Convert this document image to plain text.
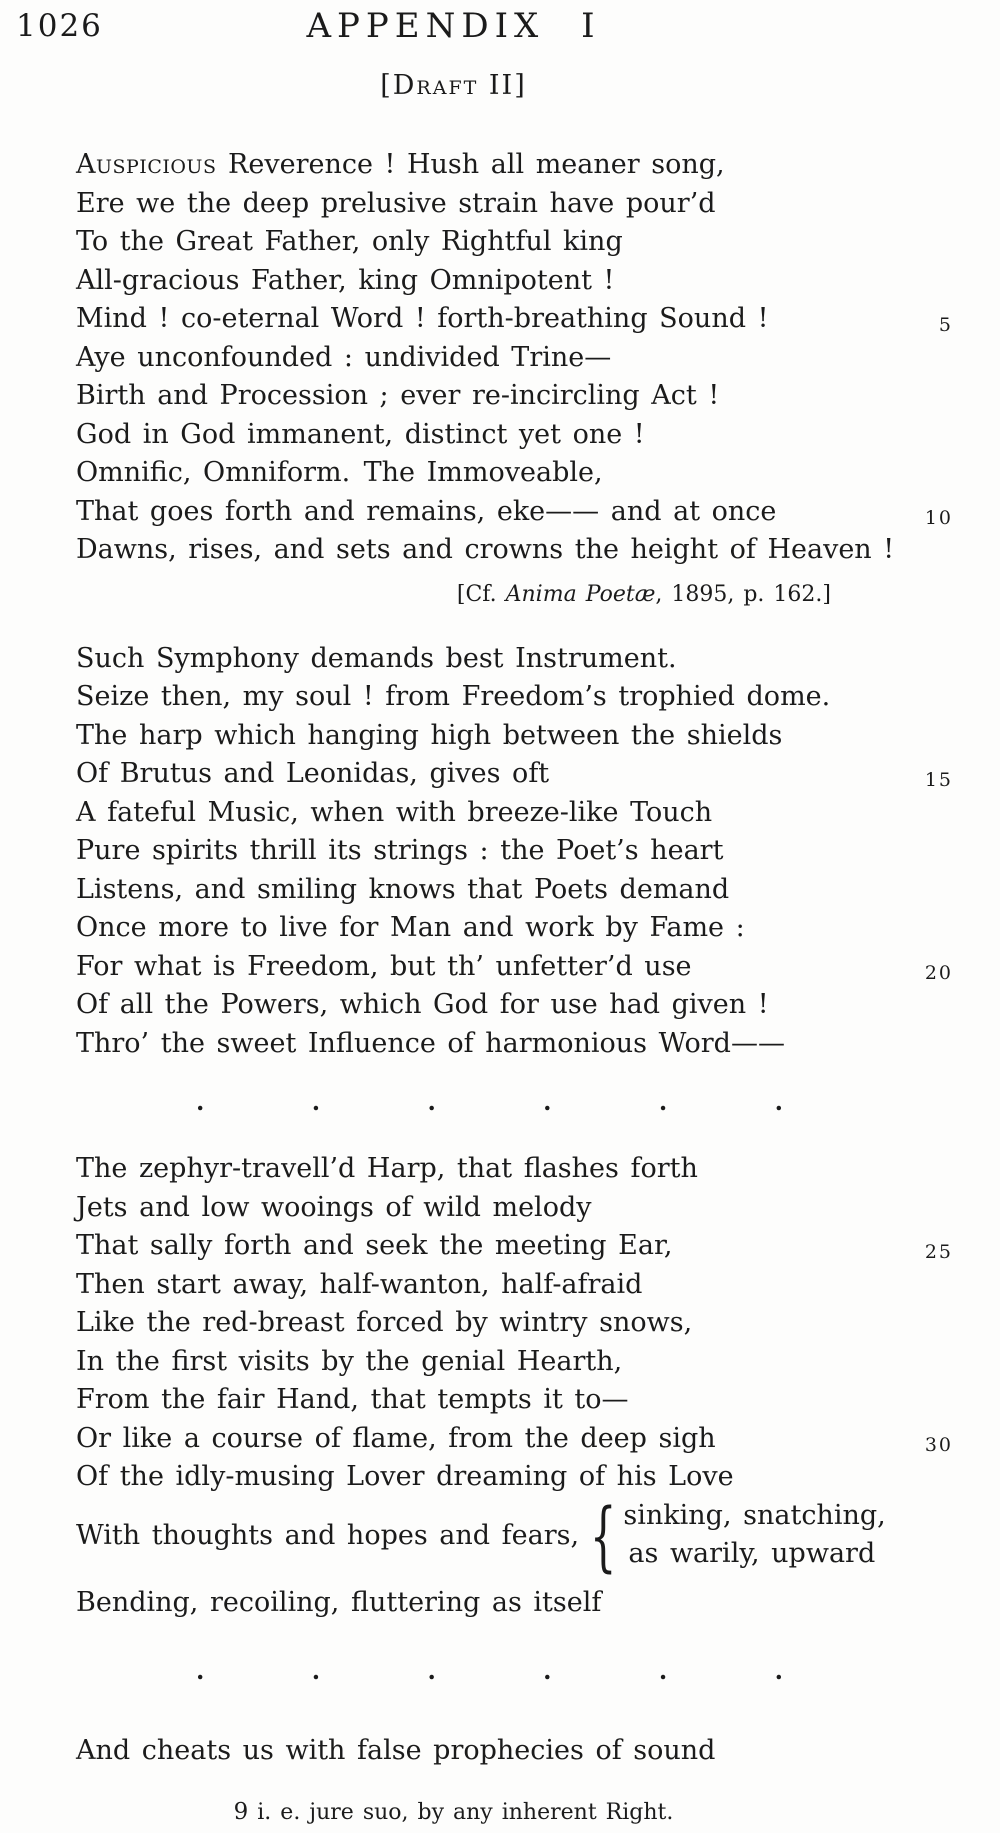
1026	APPENDIX I
[Draft II]
Auspicious Reverence ! Hush all meaner song,
Ere we the deep prelusive strain have pour’d
To the Great Father, only Rightful king
All-gracious Father, king Omnipotent !
Mind ! co-eternal Word ! forth-breathing Sound !	5
Aye unconfounded : undivided Trine—
Birth and Procession ; ever re-incircling Act !
God in God immanent, distinct yet one !
Omnific, Omniform. The Immoveable,
That goes forth and remains, eke—— and at once	10
Dawns, rises, and sets and crowns the height of Heaven !
[Cf. Anima Poetæ, 1895, p. 162.]
Such Symphony demands best Instrument.
Seize then, my soul ! from Freedom’s trophied dome.
The harp which hanging high between the shields
Of Brutus and Leonidas, gives oft	15
A fateful Music, when with breeze-like Touch
Pure spirits thrill its strings : the Poet’s heart
Listens, and smiling knows that Poets demand
Once more to live for Man and work by Fame :
For what is Freedom, but th’ unfetter’d use	20
Of all the Powers, which God for use had given !
Thro’ the sweet Influence of harmonious Word——
.	.	.	.	.	.
The zephyr-travell’d Harp, that flashes forth
Jets and low wooings of wild melody
That sally forth and seek the meeting Ear,	25
Then start away, half-wanton, half-afraid
Like the red-breast forced by wintry snows,
In the first visits by the genial Hearth,
From the fair Hand, that tempts it to—
Or like a course of flame, from the deep sigh	30
Of the idly-musing Lover dreaming of his Love
With thoughts and hopes and fears, { sinking, snatching,
as warily, upward
Bending, recoiling, fluttering as itself
.	.	.	.	.	.
And cheats us with false prophecies of sound
9 i. e. jure suo, by any inherent Right.
